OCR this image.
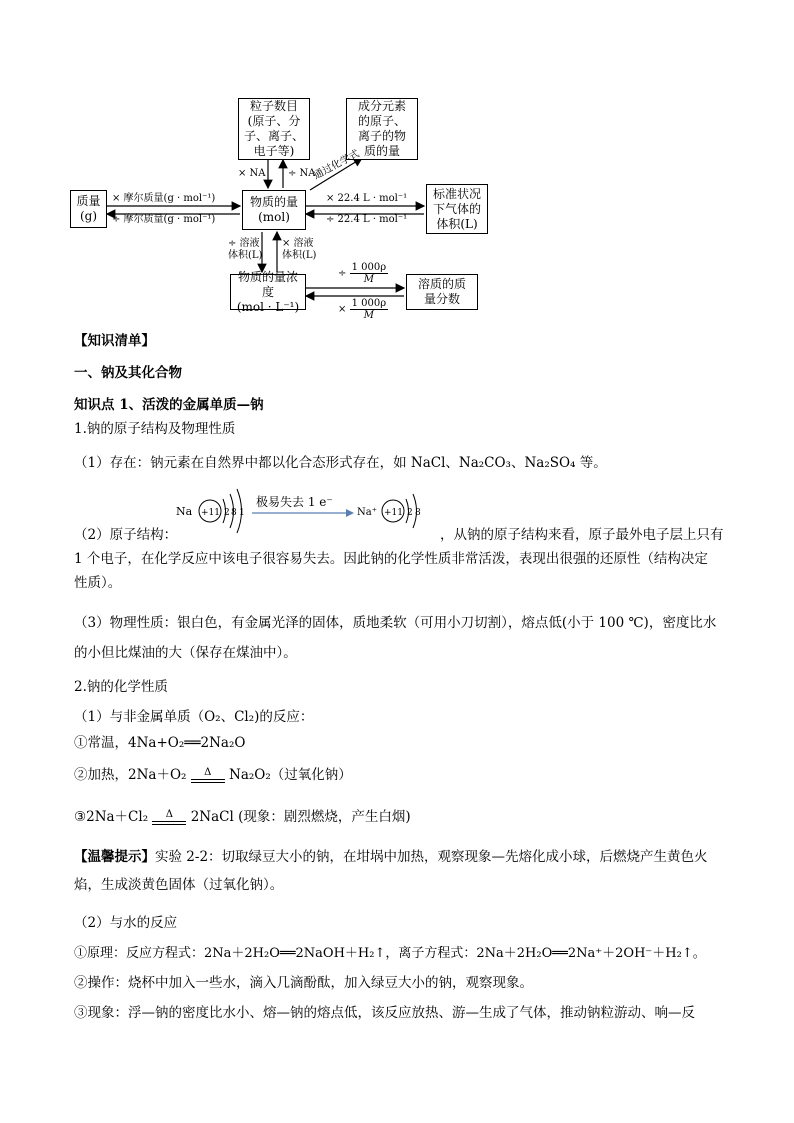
粒子数目
(原子、分
子、离子、
电子等)
成分元素
的原子、
离子的物
质的量
质量
(g)
物质的量
(mol)
标准状况
下气体的
体积(L)
物质的量浓度
(mol · L⁻¹)
溶质的质
量分数
× NA ÷ NA
通过化学式
× 摩尔质量(g · mol⁻¹)
÷ 摩尔质量(g · mol⁻¹)
× 22.4 L · mol⁻¹
÷ 22.4 L · mol⁻¹
÷ 溶液
体积(L)
× 溶液
体积(L)
÷ $\frac{1 000\rho}{M}$
× $\frac{1 000\rho}{M}$
【知识清单】
一、钠及其化合物
知识点 1、活泼的金属单质—钠
1.钠的原子结构及物理性质
（1）存在：钠元素在自然界中都以化合态形式存在，如 NaCl、Na₂CO₃、Na₂SO₄ 等。
Na +11 2 8 1
极易失去 1 e⁻
Na⁺ +11 2 8
（2）原子结构：	，从钠的原子结构来看，原子最外电子层上只有
1 个电子，在化学反应中该电子很容易失去。因此钠的化学性质非常活泼，表现出很强的还原性（结构决定
性质）。
（3）物理性质：银白色，有金属光泽的固体，质地柔软（可用小刀切割），熔点低(小于 100 ℃)，密度比水
的小但比煤油的大（保存在煤油中）。
2.钠的化学性质
（1）与非金属单质（O₂、Cl₂)的反应：
①常温，4Na+O₂══2Na₂O
②加热，2Na＋O₂	Δ	Na₂O₂（过氧化钠）
③2Na＋Cl₂	Δ	2NaCl (现象：剧烈燃烧，产生白烟)
【温馨提示】实验 2-2：切取绿豆大小的钠，在坩埚中加热，观察现象—先熔化成小球，后燃烧产生黄色火
焰，生成淡黄色固体（过氧化钠）。
（2）与水的反应
①原理：反应方程式：2Na＋2H₂O══2NaOH＋H₂↑，离子方程式：2Na＋2H₂O══2Na⁺＋2OH⁻＋H₂↑。
②操作：烧杯中加入一些水，滴入几滴酚酞，加入绿豆大小的钠，观察现象。
③现象：浮—钠的密度比水小、熔—钠的熔点低，该反应放热、游—生成了气体，推动钠粒游动、响—反
